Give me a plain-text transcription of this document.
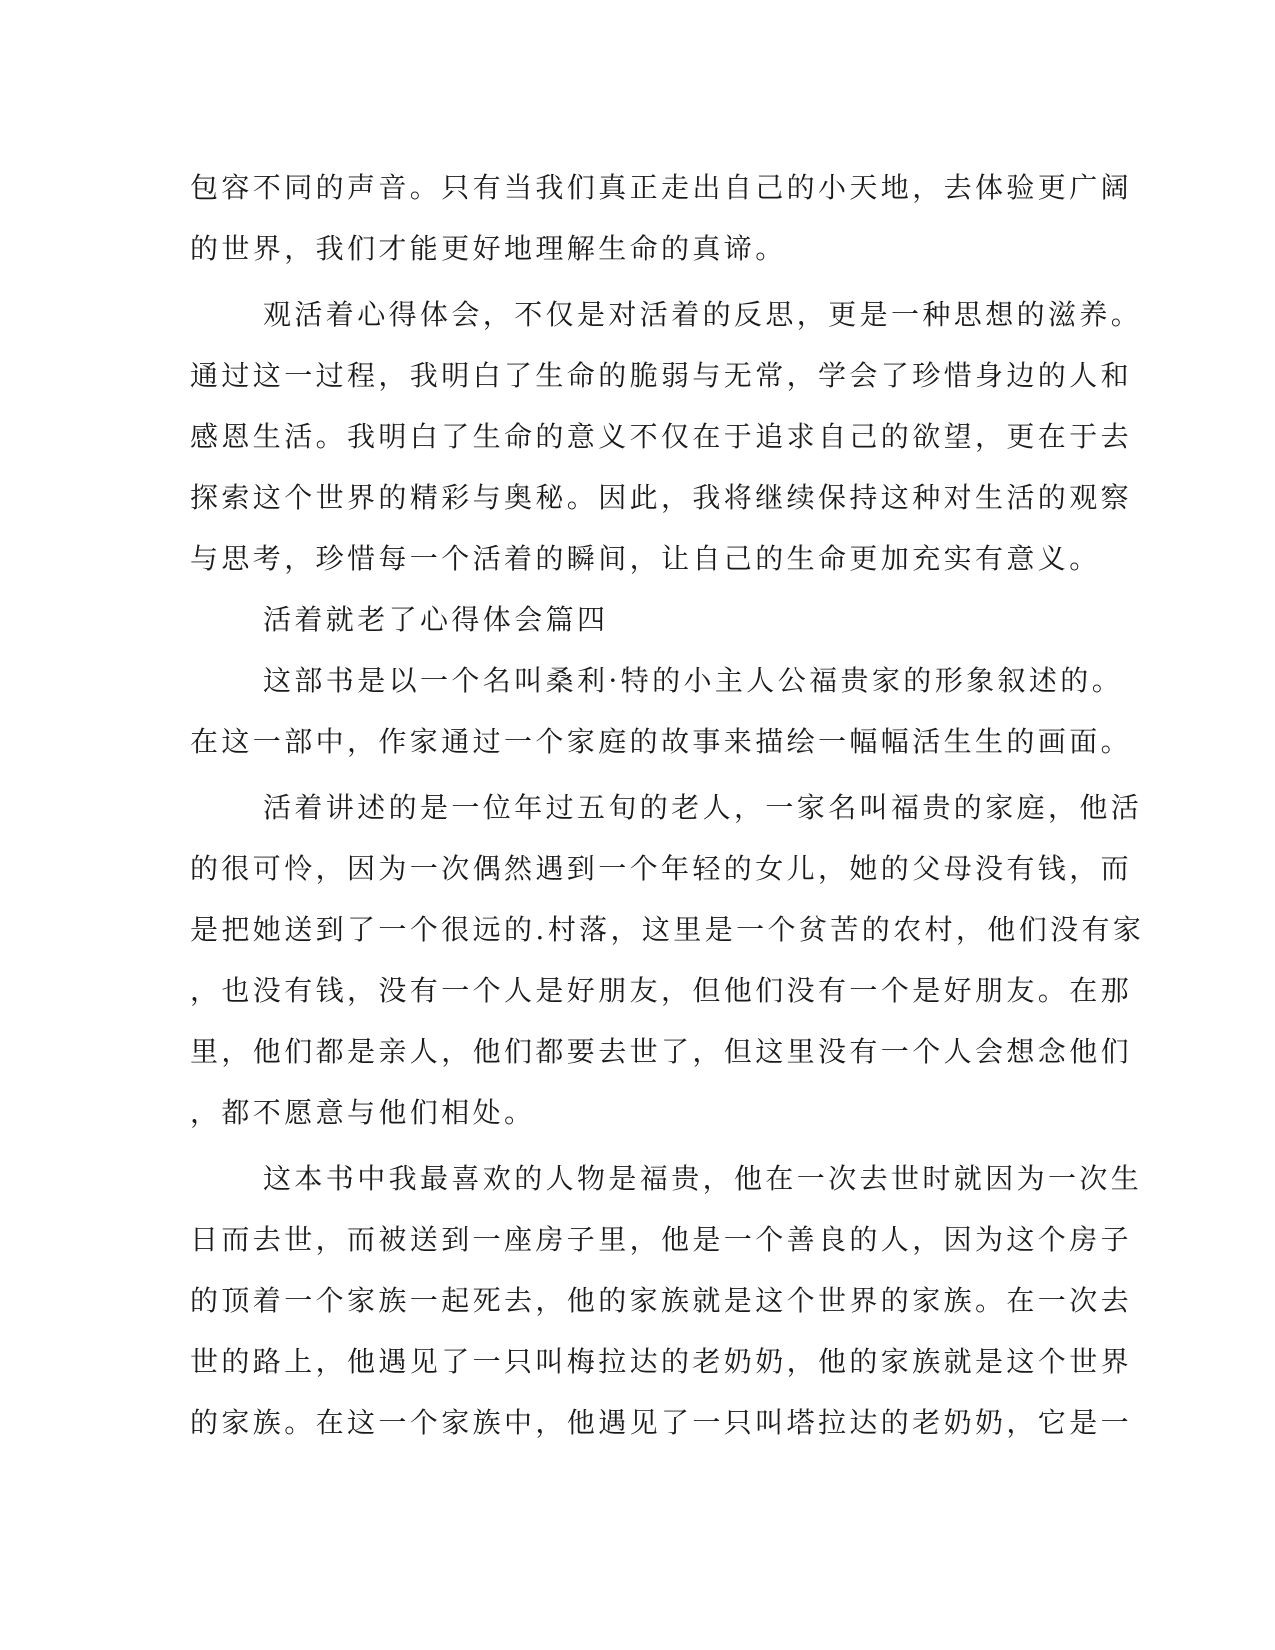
包容不同的声音。只有当我们真正走出自己的小天地，去体验更广阔
的世界，我们才能更好地理解生命的真谛。
观活着心得体会，不仅是对活着的反思，更是一种思想的滋养。
通过这一过程，我明白了生命的脆弱与无常，学会了珍惜身边的人和
感恩生活。我明白了生命的意义不仅在于追求自己的欲望，更在于去
探索这个世界的精彩与奥秘。因此，我将继续保持这种对生活的观察
与思考，珍惜每一个活着的瞬间，让自己的生命更加充实有意义。
活着就老了心得体会篇四
这部书是以一个名叫桑利·特的小主人公福贵家的形象叙述的。
在这一部中，作家通过一个家庭的故事来描绘一幅幅活生生的画面。
活着讲述的是一位年过五旬的老人，一家名叫福贵的家庭，他活
的很可怜，因为一次偶然遇到一个年轻的女儿，她的父母没有钱，而
是把她送到了一个很远的.村落，这里是一个贫苦的农村，他们没有家
，也没有钱，没有一个人是好朋友，但他们没有一个是好朋友。在那
里，他们都是亲人，他们都要去世了，但这里没有一个人会想念他们
，都不愿意与他们相处。
这本书中我最喜欢的人物是福贵，他在一次去世时就因为一次生
日而去世，而被送到一座房子里，他是一个善良的人，因为这个房子
的顶着一个家族一起死去，他的家族就是这个世界的家族。在一次去
世的路上，他遇见了一只叫梅拉达的老奶奶，他的家族就是这个世界
的家族。在这一个家族中，他遇见了一只叫塔拉达的老奶奶，它是一
